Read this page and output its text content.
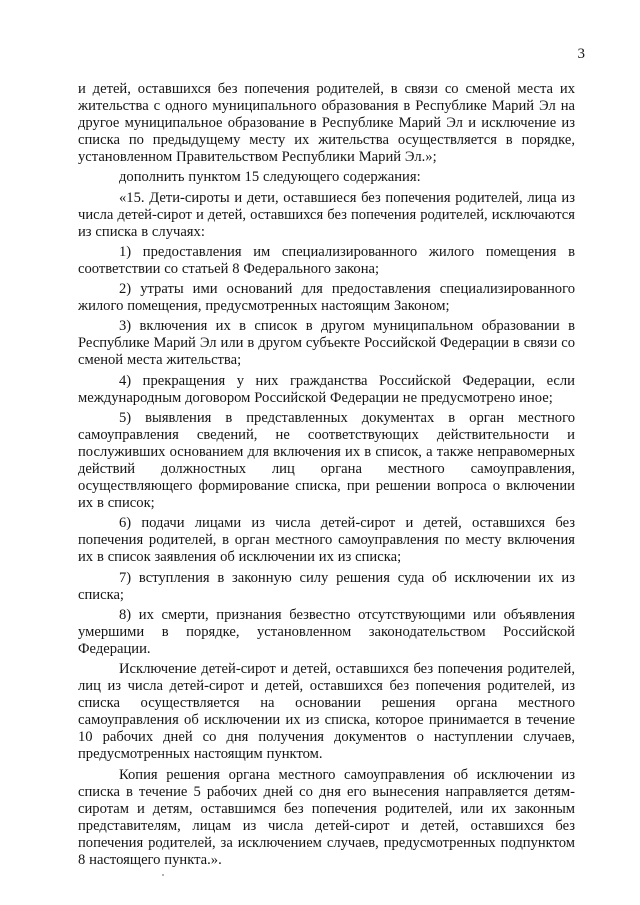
3

и детей, оставшихся без попечения родителей, в связи со сменой места их жительства с одного муниципального образования в Республике Марий Эл на другое муниципальное образование в Республике Марий Эл и исключение из списка по предыдущему месту их жительства осуществляется в порядке, установленном Правительством Республики Марий Эл.»;

дополнить пунктом 15 следующего содержания:

«15. Дети-сироты и дети, оставшиеся без попечения родителей, лица из числа детей-сирот и детей, оставшихся без попечения родителей, исключаются из списка в случаях:

1) предоставления им специализированного жилого помещения в соответствии со статьей 8 Федерального закона;

2) утраты ими оснований для предоставления специализированного жилого помещения, предусмотренных настоящим Законом;

3) включения их в список в другом муниципальном образовании в Республике Марий Эл или в другом субъекте Российской Федерации в связи со сменой места жительства;

4) прекращения у них гражданства Российской Федерации, если международным договором Российской Федерации не предусмотрено иное;

5) выявления в представленных документах в орган местного самоуправления сведений, не соответствующих действительности и послуживших основанием для включения их в список, а также неправомерных действий должностных лиц органа местного самоуправления, осуществляющего формирование списка, при решении вопроса о включении их в список;

6) подачи лицами из числа детей-сирот и детей, оставшихся без попечения родителей, в орган местного самоуправления по месту включения их в список заявления об исключении их из списка;

7) вступления в законную силу решения суда об исключении их из списка;

8) их смерти, признания безвестно отсутствующими или объявления умершими в порядке, установленном законодательством Российской Федерации.

Исключение детей-сирот и детей, оставшихся без попечения родителей, лиц из числа детей-сирот и детей, оставшихся без попечения родителей, из списка осуществляется на основании решения органа местного самоуправления об исключении их из списка, которое принимается в течение 10 рабочих дней со дня получения документов о наступлении случаев, предусмотренных настоящим пунктом.

Копия решения органа местного самоуправления об исключении из списка в течение 5 рабочих дней со дня его вынесения направляется детям-сиротам и детям, оставшимся без попечения родителей, или их законным представителям, лицам из числа детей-сирот и детей, оставшихся без попечения родителей, за исключением случаев, предусмотренных подпунктом 8 настоящего пункта.».
